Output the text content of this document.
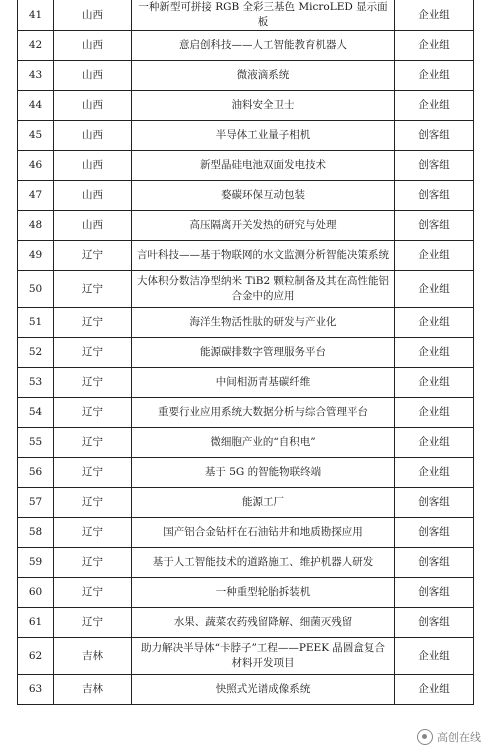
41	山西	一种新型可拼接 RGB 全彩三基色 MicroLED 显示面板	企业组
42	山西	意启创科技——人工智能教育机器人	企业组
43	山西	微液滴系统	企业组
44	山西	油料安全卫士	企业组
45	山西	半导体工业量子相机	创客组
46	山西	新型晶硅电池双面发电技术	创客组
47	山西	婺碳环保互动包装	创客组
48	山西	高压隔离开关发热的研究与处理	创客组
49	辽宁	言叶科技——基于物联网的水文监测分析智能决策系统	企业组
50	辽宁	大体积分数洁净型纳米 TiB2 颗粒制备及其在高性能铝合金中的应用	企业组
51	辽宁	海洋生物活性肽的研发与产业化	企业组
52	辽宁	能源碳排数字管理服务平台	企业组
53	辽宁	中间相沥青基碳纤维	企业组
54	辽宁	重要行业应用系统大数据分析与综合管理平台	企业组
55	辽宁	微细胞产业的“自积电”	企业组
56	辽宁	基于 5G 的智能物联终端	企业组
57	辽宁	能源工厂	创客组
58	辽宁	国产铝合金钻杆在石油钻井和地质勘探应用	创客组
59	辽宁	基于人工智能技术的道路施工、维护机器人研发	创客组
60	辽宁	一种重型轮胎拆装机	创客组
61	辽宁	水果、蔬菜农药残留降解、细菌灭残留	创客组
62	吉林	助力解决半导体“卡脖子”工程——PEEK 晶圆盒复合材料开发项目	企业组
63	吉林	快照式光谱成像系统	企业组
高创在线
